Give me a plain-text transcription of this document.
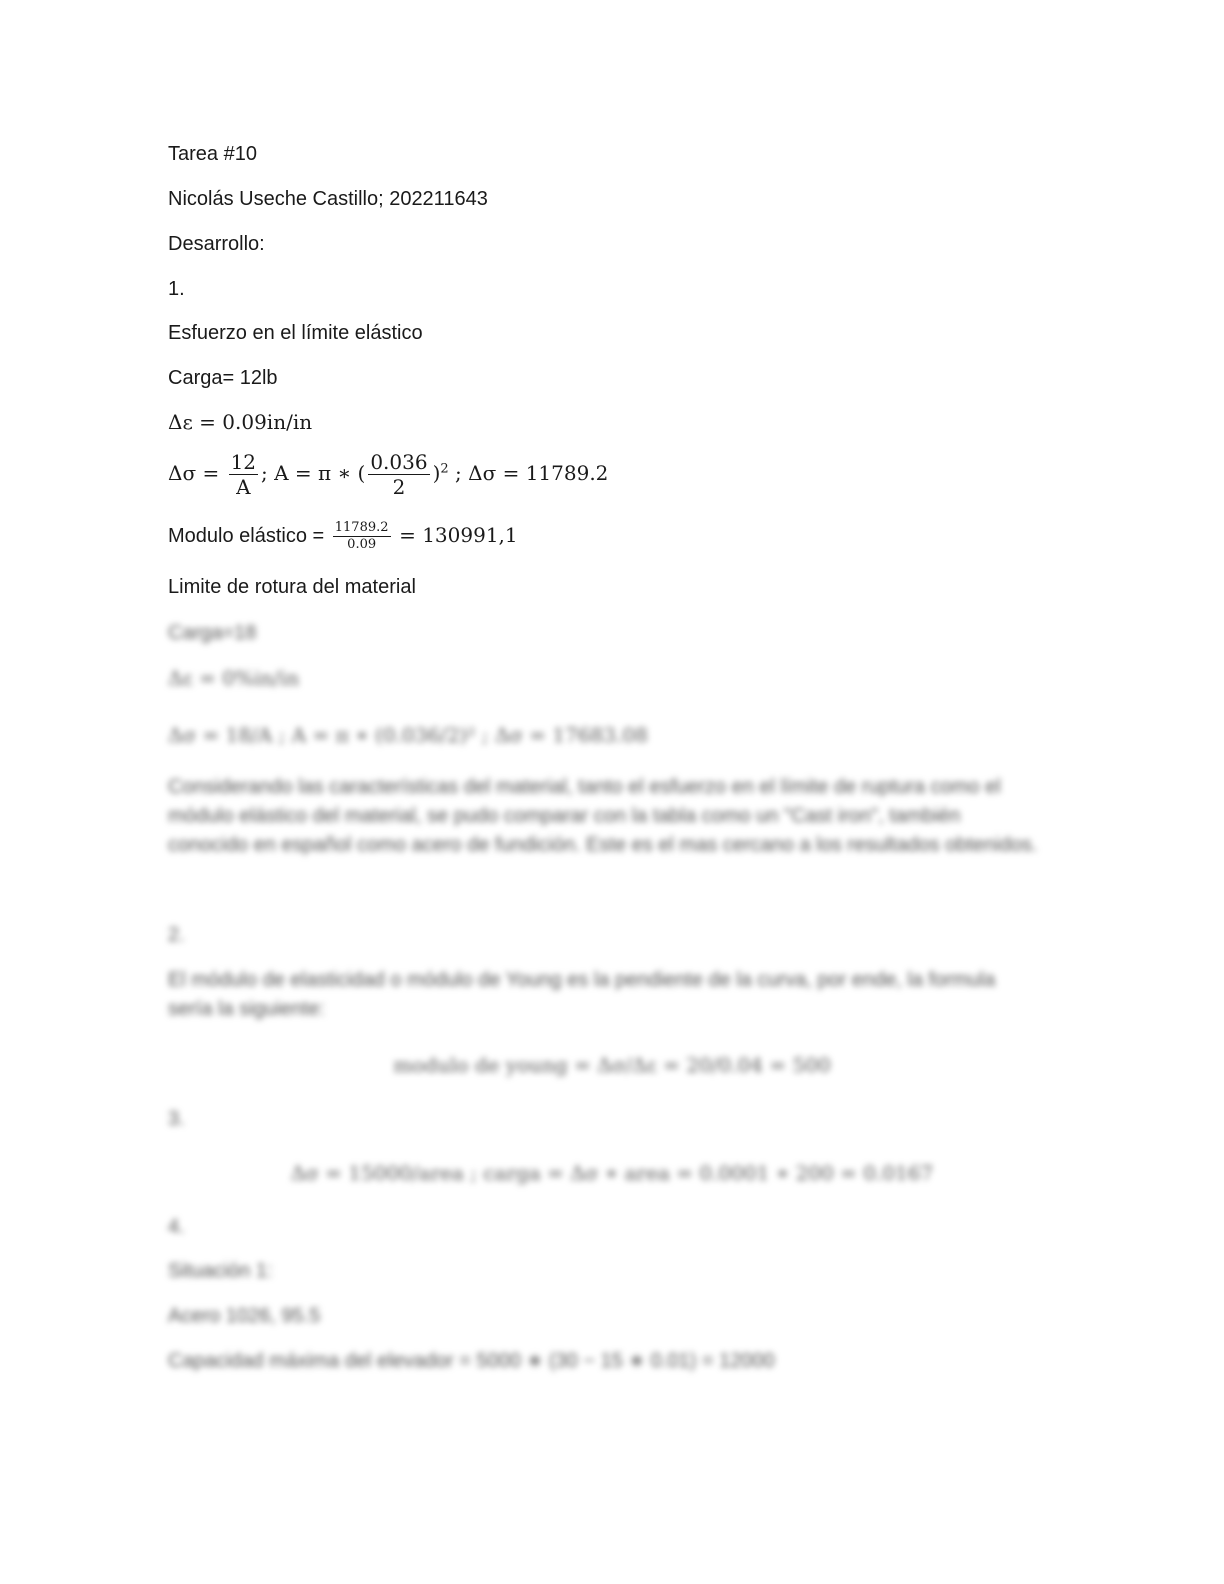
Tarea #10
Nicolás Useche Castillo; 202211643
Desarrollo:
1.
Esfuerzo en el límite elástico
Carga= 12lb
Δε = 0.09in/in
$\Delta\sigma = \frac{12}{A}$ ; A = π ∗ ( $\frac{0.036}{2} )^2$ ; Δσ = 11789.2
Modulo elástico = $\frac{11789.2}{0.09} = 130991,1$
Limite de rotura del material
Carga=18
Δε = 0%in/in
Δσ = 18/A ; A = π ∗ (0.036/2)² ; Δσ = 17683.08
Considerando las características del material, tanto el esfuerzo en el límite de ruptura como el módulo elástico del material, se pudo comparar con la tabla como un "Cast iron", también conocido en español como acero de fundición. Este es el mas cercano a los resultados obtenidos.
2.
El módulo de elasticidad o módulo de Young es la pendiente de la curva, por ende, la formula sería la siguiente:
modulo de young = Δσ/Δε = 20/0.04 = 500
3.
Δσ = 15000/area ; carga = Δσ ∗ area = 0.0001 ∗ 200 = 0.0167
4.
Situación 1:
Acero 1026, 95.5
Capacidad máxima del elevador = 5000 ∗ (30 − 15 ∗ 0.01) = 12000
